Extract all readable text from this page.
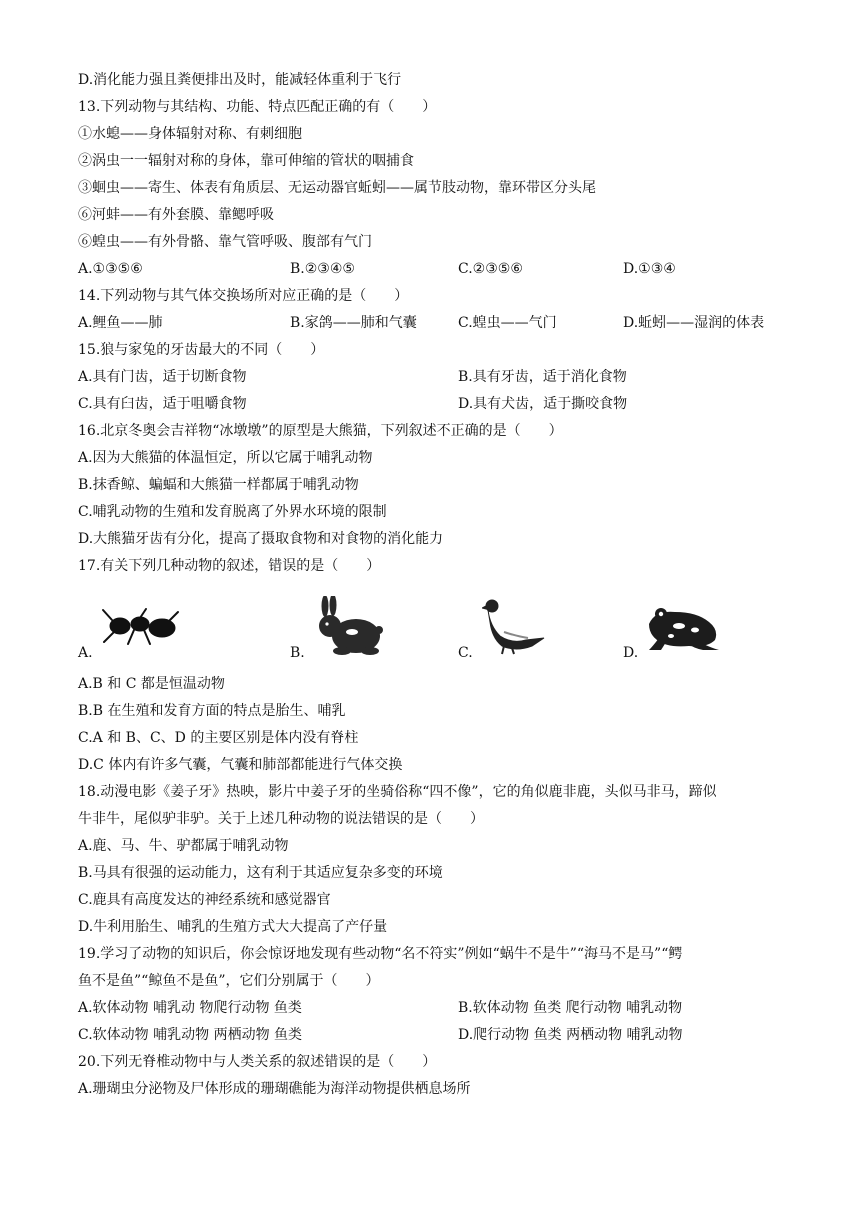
D.消化能力强且粪便排出及时，能减轻体重利于飞行
13.下列动物与其结构、功能、特点匹配正确的有（　　）
①水螅——身体辐射对称、有刺细胞
②涡虫一一辐射对称的身体，靠可伸缩的管状的咽捕食
③蛔虫——寄生、体表有角质层、无运动器官蚯蚓——属节肢动物，靠环带区分头尾
⑥河蚌——有外套膜、靠鳃呼吸
⑥蝗虫——有外骨骼、靠气管呼吸、腹部有气门
A.①③⑤⑥	B.②③④⑤	C.②③⑤⑥	D.①③④
14.下列动物与其气体交换场所对应正确的是（　　）
A.鲤鱼——肺	B.家鸽——肺和气囊	C.蝗虫——气门	D.蚯蚓——湿润的体表
15.狼与家兔的牙齿最大的不同（　　）
A.具有门齿，适于切断食物	B.具有牙齿，适于消化食物
C.具有臼齿，适于咀嚼食物	D.具有犬齿，适于撕咬食物
16.北京冬奥会吉祥物“冰墩墩”的原型是大熊猫，下列叙述不正确的是（　　）
A.因为大熊猫的体温恒定，所以它属于哺乳动物
B.抹香鲸、蝙蝠和大熊猫一样都属于哺乳动物
C.哺乳动物的生殖和发育脱离了外界水环境的限制
D.大熊猫牙齿有分化，提高了摄取食物和对食物的消化能力
17.有关下列几种动物的叙述，错误的是（　　）
A.	B.	C.	D.
A.B 和 C 都是恒温动物
B.B 在生殖和发育方面的特点是胎生、哺乳
C.A 和 B、C、D 的主要区别是体内没有脊柱
D.C 体内有许多气囊，气囊和肺部都能进行气体交换
18.动漫电影《姜子牙》热映，影片中姜子牙的坐骑俗称“四不像”，它的角似鹿非鹿，头似马非马，蹄似
牛非牛，尾似驴非驴。关于上述几种动物的说法错误的是（　　）
A.鹿、马、牛、驴都属于哺乳动物
B.马具有很强的运动能力，这有利于其适应复杂多变的环境
C.鹿具有高度发达的神经系统和感觉器官
D.牛利用胎生、哺乳的生殖方式大大提高了产仔量
19.学习了动物的知识后，你会惊讶地发现有些动物“名不符实”例如“蜗牛不是牛”“海马不是马”“鳄
鱼不是鱼”“鲸鱼不是鱼”，它们分别属于（　　）
A.软体动物 哺乳动 物爬行动物 鱼类	B.软体动物 鱼类 爬行动物 哺乳动物
C.软体动物 哺乳动物 两栖动物 鱼类	D.爬行动物 鱼类 两栖动物 哺乳动物
20.下列无脊椎动物中与人类关系的叙述错误的是（　　）
A.珊瑚虫分泌物及尸体形成的珊瑚礁能为海洋动物提供栖息场所
